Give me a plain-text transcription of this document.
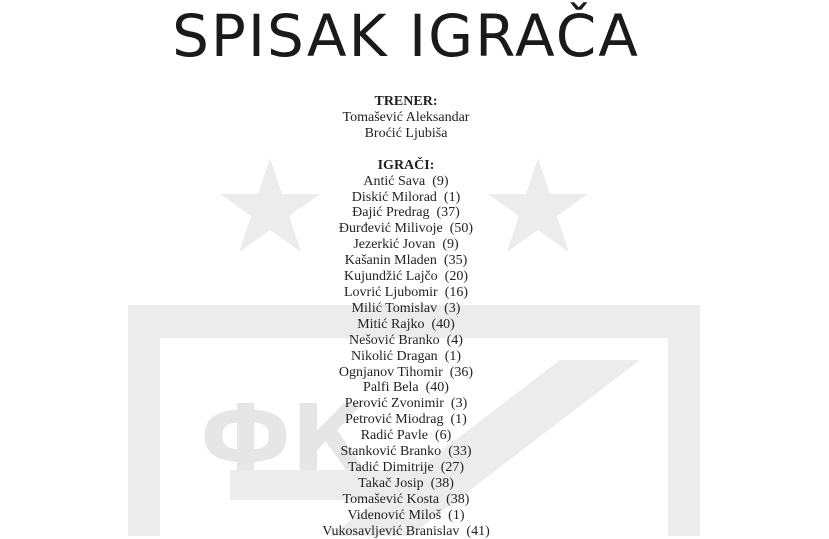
ФК
SPISAK IGRAČA
TRENER:
Tomašević Aleksandar
Broćić Ljubiša
IGRAČI:
Antić Sava (9)
Diskić Milorad (1)
Đajić Predrag (37)
Đurđević Milivoje (50)
Jezerkić Jovan (9)
Kašanin Mladen (35)
Kujundžić Lajčo (20)
Lovrić Ljubomir (16)
Milić Tomislav (3)
Mitić Rajko (40)
Nešović Branko (4)
Nikolić Dragan (1)
Ognjanov Tihomir (36)
Palfi Bela (40)
Perović Zvonimir (3)
Petrović Miodrag (1)
Radić Pavle (6)
Stanković Branko (33)
Tadić Dimitrije (27)
Takač Josip (38)
Tomašević Kosta (38)
Videnović Miloš (1)
Vukosavljević Branislav (41)
